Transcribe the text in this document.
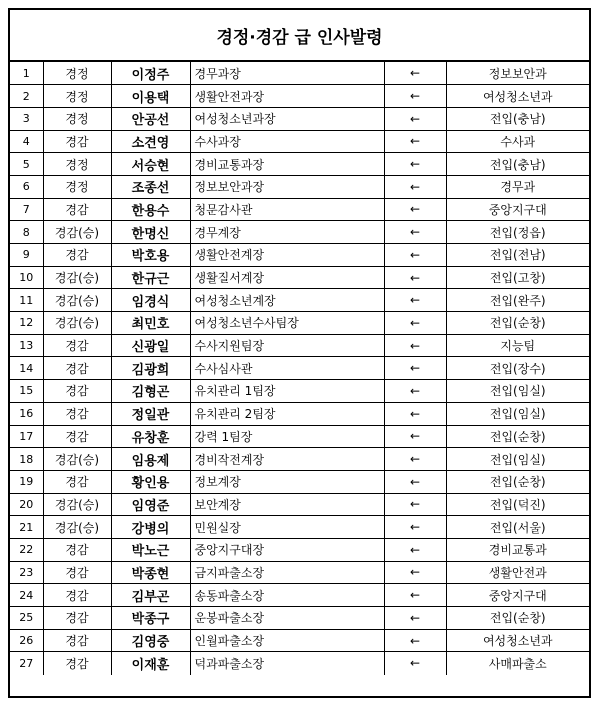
경정·경감 급 인사발령
1	경정	이정주	경무과장	←	정보보안과
2	경정	이용택	생활안전과장	←	여성청소년과
3	경정	안공선	여성청소년과장	←	전입(충남)
4	경감	소견영	수사과장	←	수사과
5	경정	서승현	경비교통과장	←	전입(충남)
6	경정	조종선	정보보안과장	←	경무과
7	경감	한용수	청문감사관	←	중앙지구대
8	경감(승)	한명신	경무계장	←	전입(정읍)
9	경감	박호용	생활안전계장	←	전입(전남)
10	경감(승)	한규근	생활질서계장	←	전입(고창)
11	경감(승)	임경식	여성청소년계장	←	전입(완주)
12	경감(승)	최민호	여성청소년수사팀장	←	전입(순창)
13	경감	신광일	수사지원팀장	←	지능팀
14	경감	김광희	수사심사관	←	전입(장수)
15	경감	김형곤	유치관리 1팀장	←	전입(임실)
16	경감	정일관	유치관리 2팀장	←	전입(임실)
17	경감	유창훈	강력 1팀장	←	전입(순창)
18	경감(승)	임용제	경비작전계장	←	전입(임실)
19	경감	황인용	정보계장	←	전입(순창)
20	경감(승)	임영준	보안계장	←	전입(덕진)
21	경감(승)	강병의	민원실장	←	전입(서울)
22	경감	박노근	중앙지구대장	←	경비교통과
23	경감	박종현	금지파출소장	←	생활안전과
24	경감	김부곤	송동파출소장	←	중앙지구대
25	경감	박종구	운봉파출소장	←	전입(순창)
26	경감	김영중	인월파출소장	←	여성청소년과
27	경감	이재훈	덕과파출소장	←	사매파출소
